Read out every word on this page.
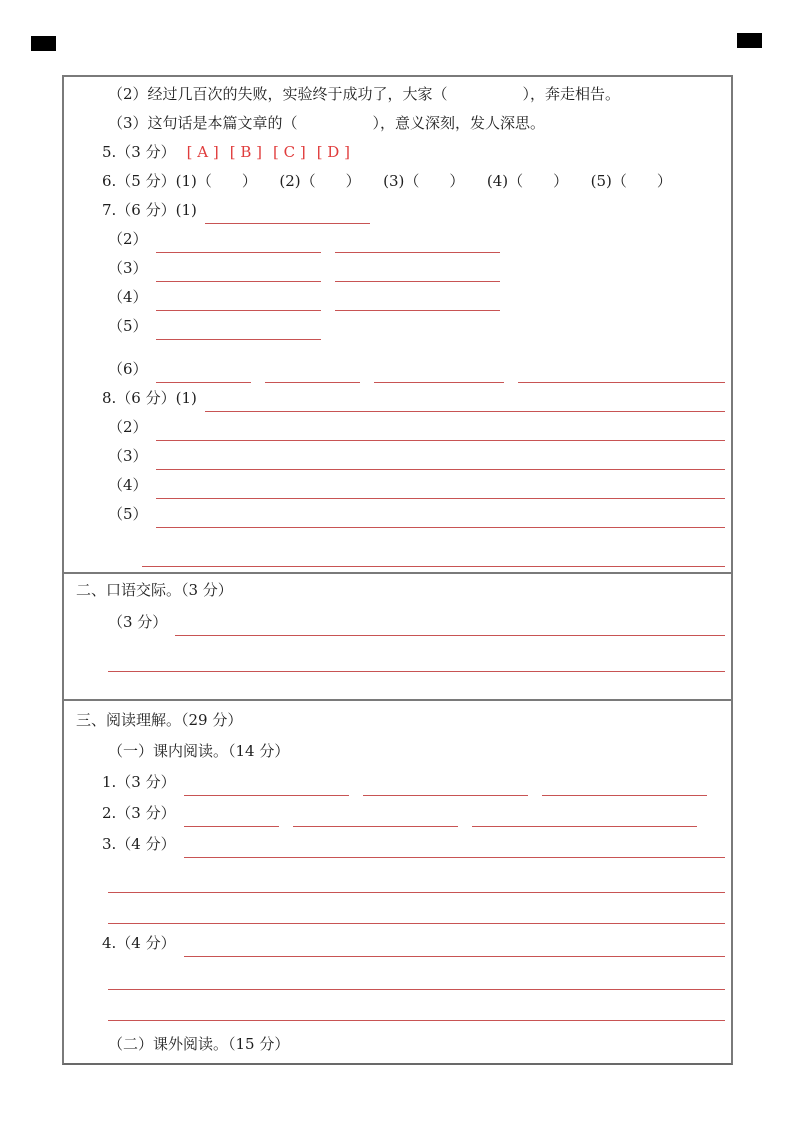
（2）经过几百次的失败，实验终于成功了，大家（　　　　　），奔走相告。
（3）这句话是本篇文章的（　　　　　），意义深刻，发人深思。
5.（3 分） [ A ] [ B ] [ C ] [ D ]
6.（5 分）(1)（　　）　　(2)（　　）　　(3)（　　）　　(4)（　　）　　(5)（　　）
7.（6 分）(1)
（2）
（3）
（4）
（5）
（6）
8.（6 分）(1)
（2）
（3）
（4）
（5）
二、口语交际。（3 分）
（3 分）
三、阅读理解。（29 分）
（一）课内阅读。（14 分）
1.（3 分）
2.（3 分）
3.（4 分）
4.（4 分）
（二）课外阅读。（15 分）
